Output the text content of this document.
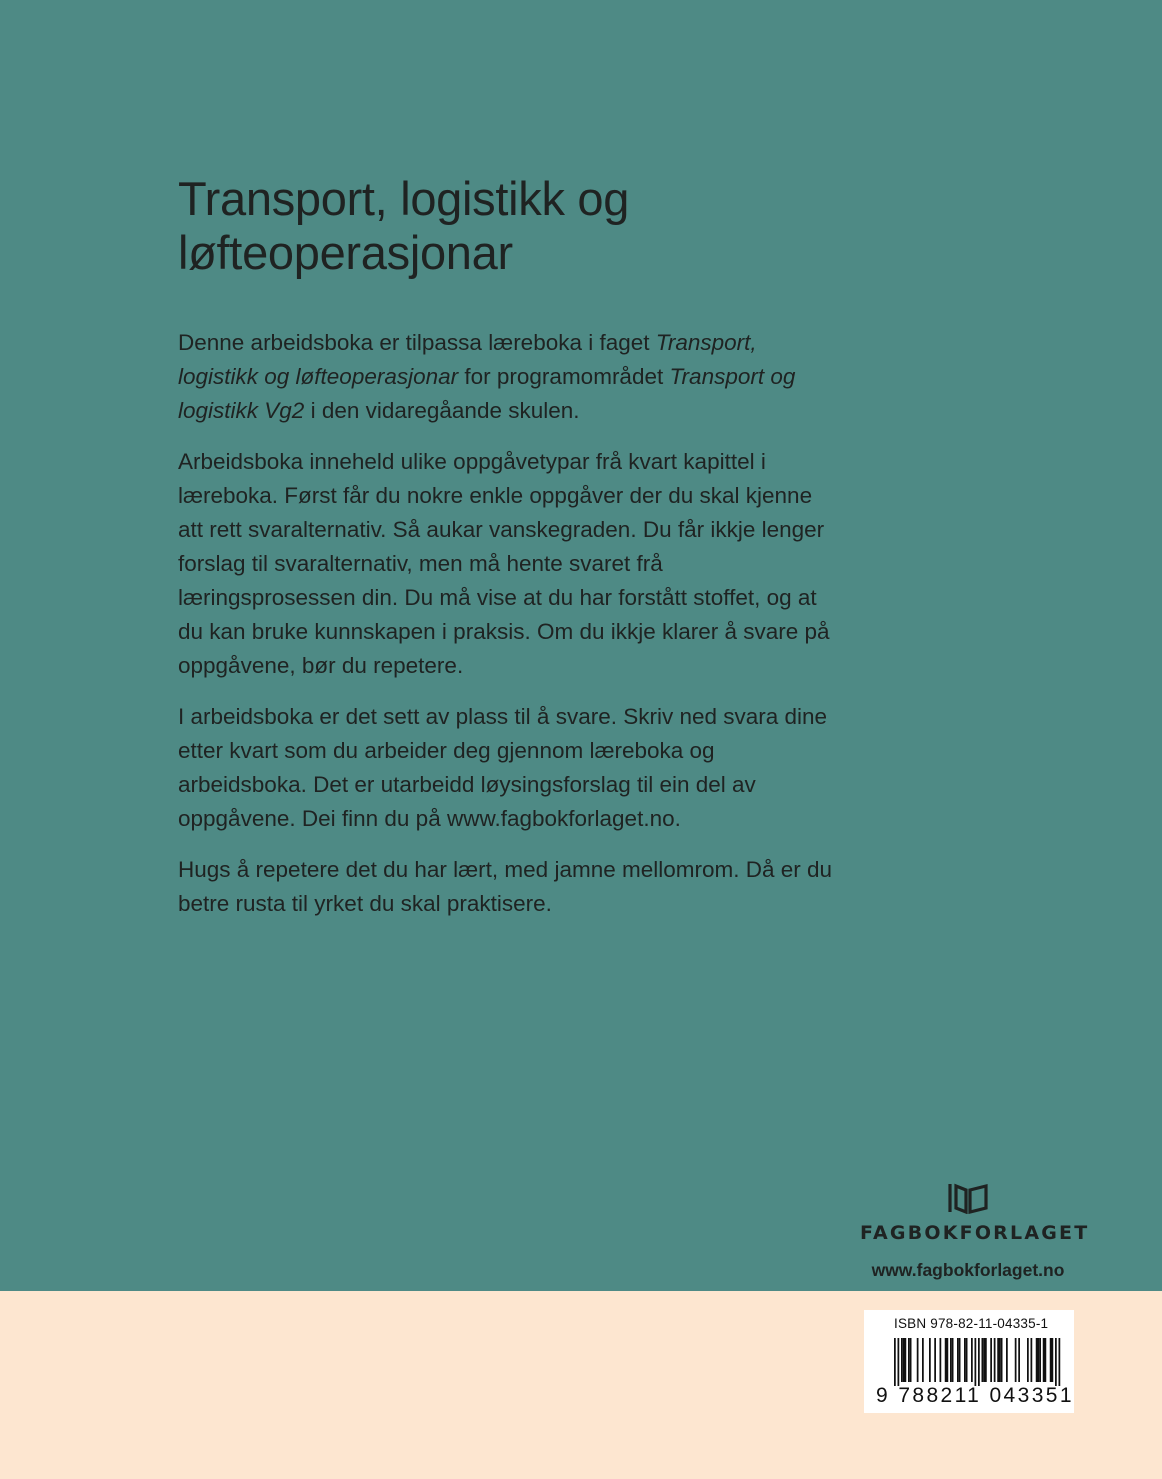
Transport, logistikk og
løfteoperasjonar

Denne arbeidsboka er tilpassa læreboka i faget Transport, logistikk og løfteoperasjonar for programområdet Transport og logistikk Vg2 i den vidaregåande skulen.

Arbeidsboka inneheld ulike oppgåvetypar frå kvart kapittel i læreboka. Først får du nokre enkle oppgåver der du skal kjenne att rett svaralternativ. Så aukar vanskegraden. Du får ikkje lenger forslag til svaralternativ, men må hente svaret frå læringsprosessen din. Du må vise at du har forstått stoffet, og at du kan bruke kunnskapen i praksis. Om du ikkje klarer å svare på oppgåvene, bør du repetere.

I arbeidsboka er det sett av plass til å svare. Skriv ned svara dine etter kvart som du arbeider deg gjennom læreboka og arbeidsboka. Det er utarbeidd løysingsforslag til ein del av oppgåvene. Dei finn du på www.fagbokforlaget.no.

Hugs å repetere det du har lært, med jamne mellomrom. Då er du betre rusta til yrket du skal praktisere.

FAGBOKFORLAGET
www.fagbokforlaget.no
ISBN 978-82-11-04335-1
9 788211 043351
